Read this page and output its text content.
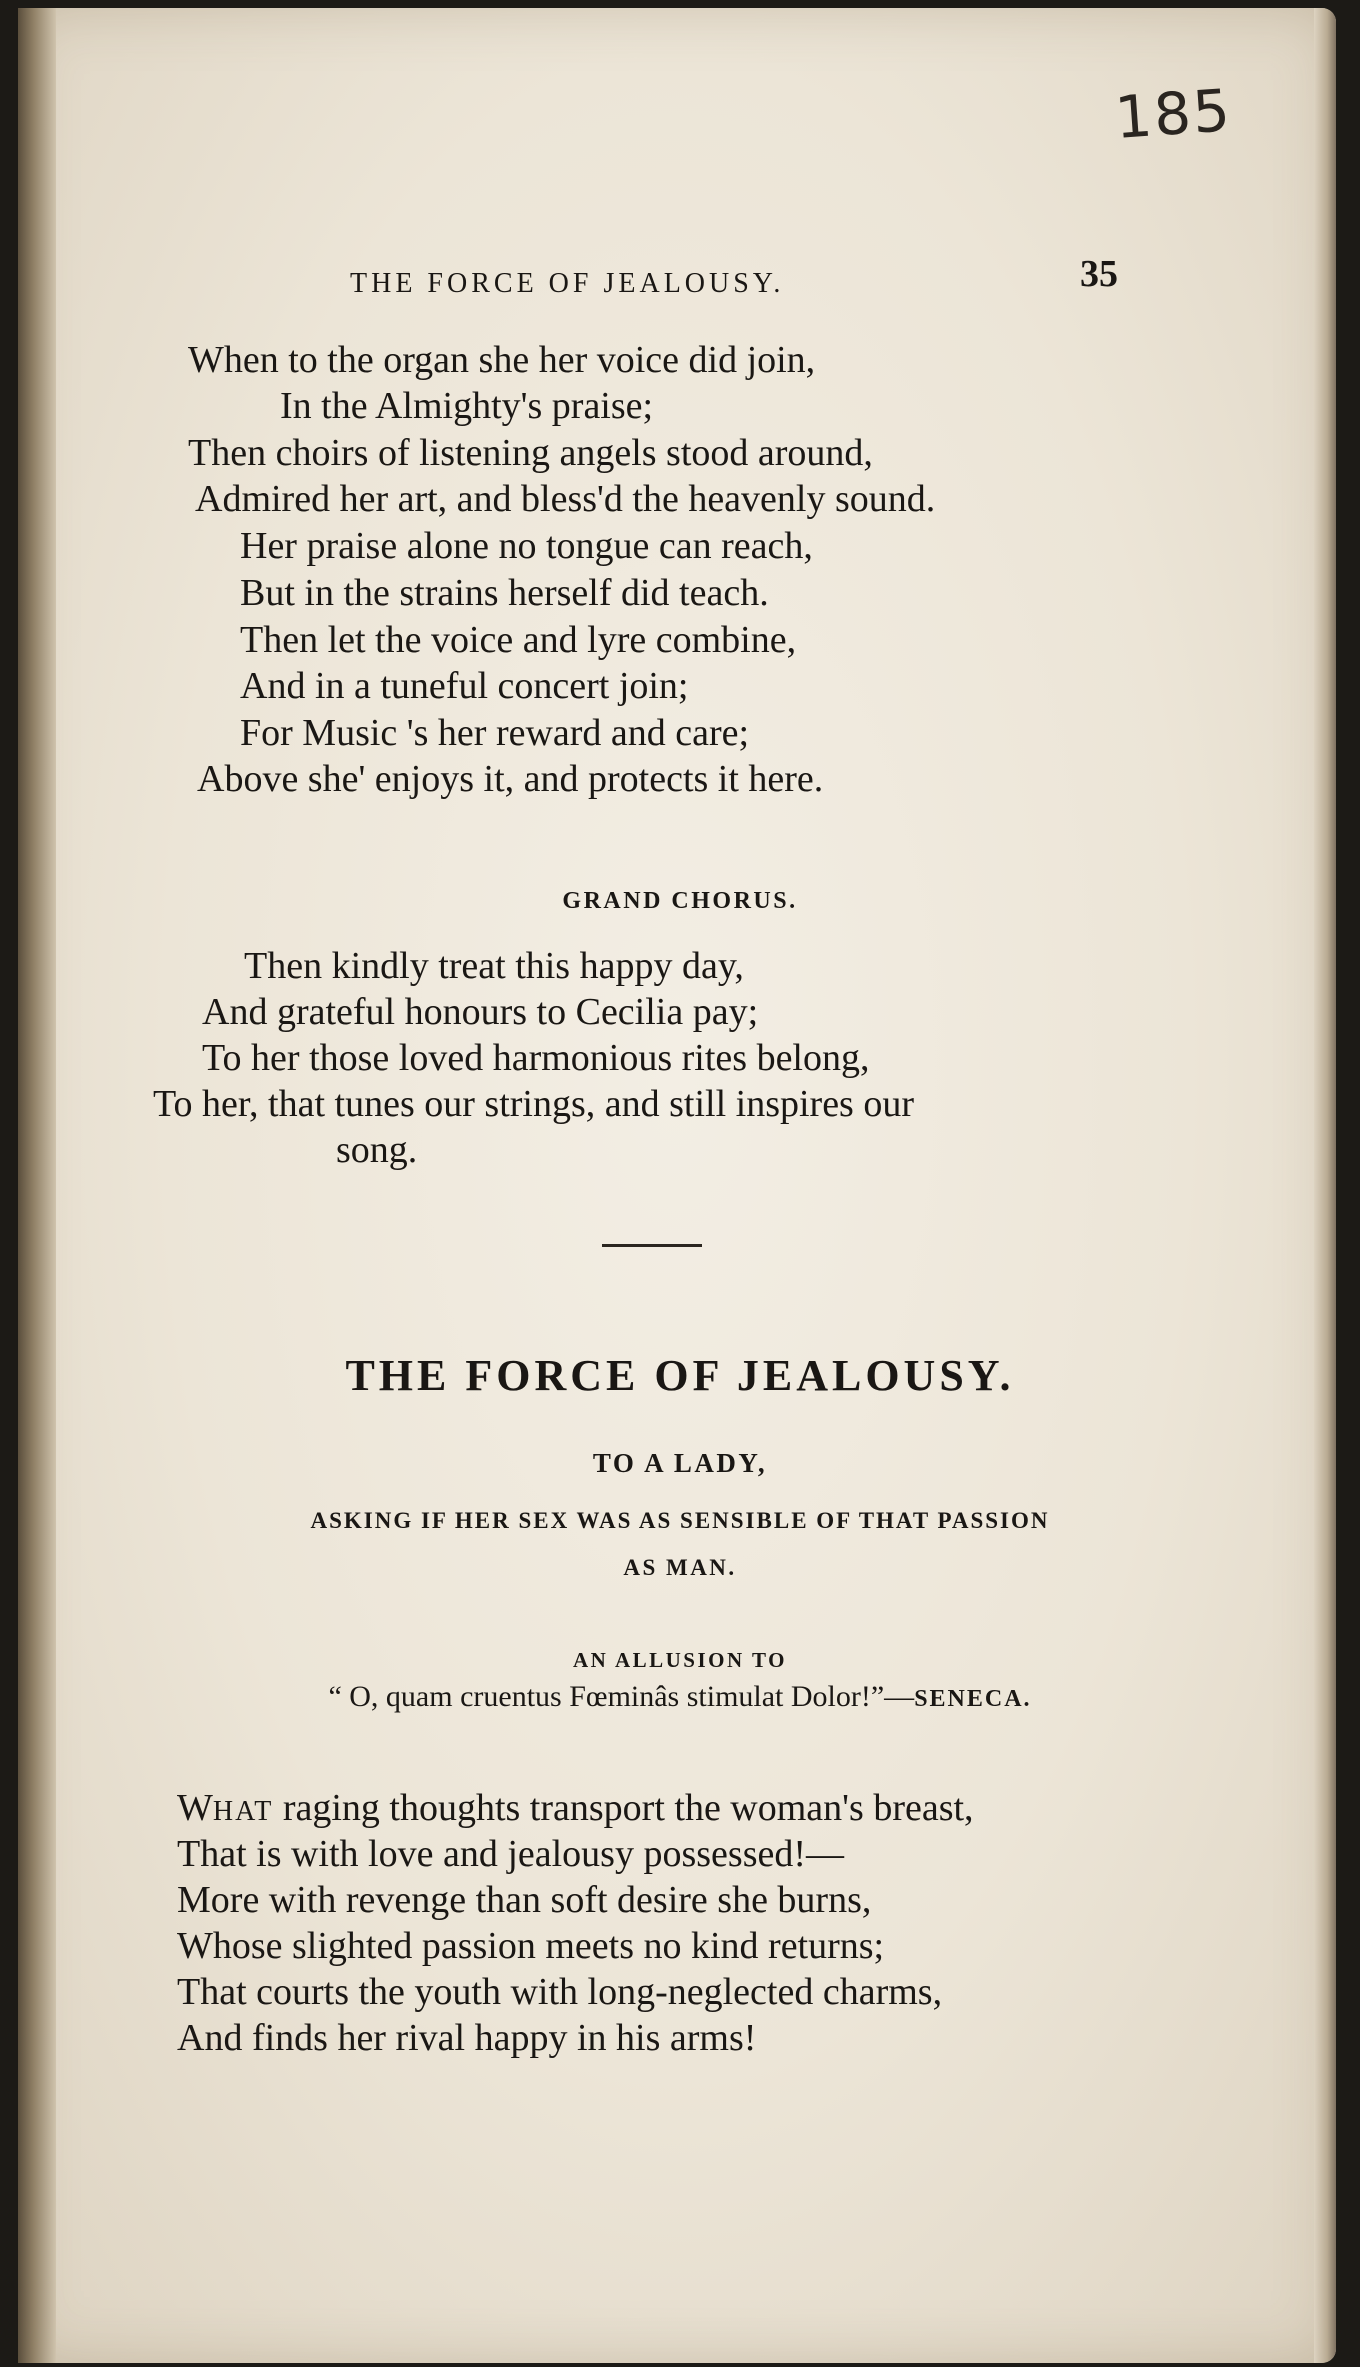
185
THE FORCE OF JEALOUSY.	35
When to the organ she her voice did join,
In the Almighty's praise;
Then choirs of listening angels stood around,
Admired her art, and bless'd the heavenly sound.
Her praise alone no tongue can reach,
But in the strains herself did teach.
Then let the voice and lyre combine,
And in a tuneful concert join;
For Music 's her reward and care;
Above she' enjoys it, and protects it here.
GRAND CHORUS.
Then kindly treat this happy day,
And grateful honours to Cecilia pay;
To her those loved harmonious rites belong,
To her, that tunes our strings, and still inspires our
song.
THE FORCE OF JEALOUSY.
TO A LADY,
ASKING IF HER SEX WAS AS SENSIBLE OF THAT PASSION
AS MAN.
AN ALLUSION TO
“ O, quam cruentus Fœminâs stimulat Dolor!”—SENECA.
WHAT raging thoughts transport the woman's breast,
That is with love and jealousy possessed!—
More with revenge than soft desire she burns,
Whose slighted passion meets no kind returns;
That courts the youth with long-neglected charms,
And finds her rival happy in his arms!
